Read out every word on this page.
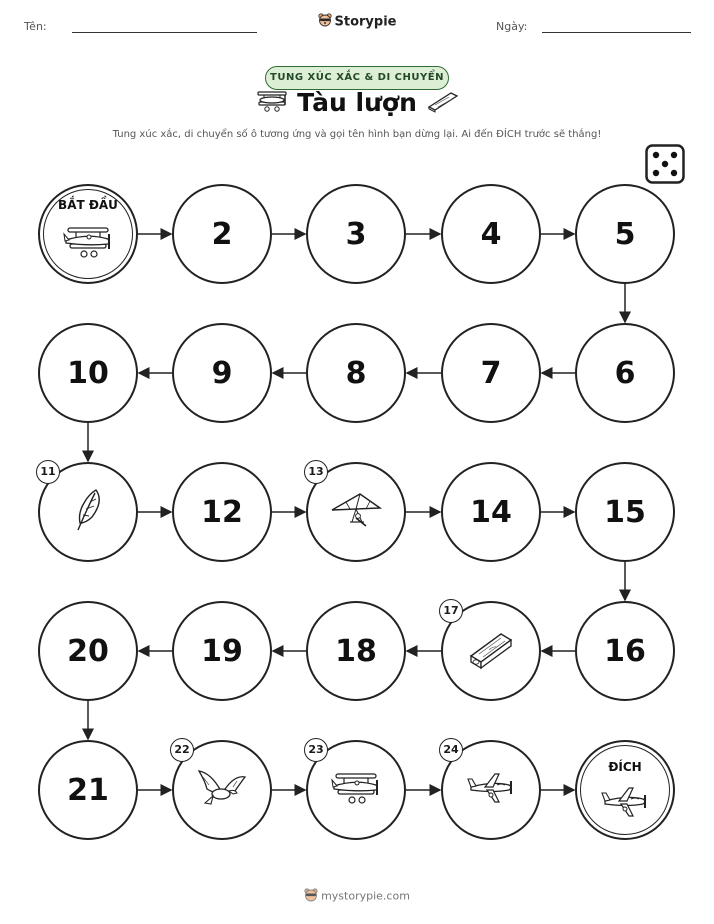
Tên:	Storypie	Ngày:
TUNG XÚC XẮC & DI CHUYỂN
Tàu lượn
Tung xúc xắc, di chuyển số ô tương ứng và gọi tên hình bạn dừng lại. Ai đến ĐÍCH trước sẽ thắng!
BẮT ĐẦU
2	3	4	5
6
7
8
9
10
11
12
13
14	15
16
17
18
19
20
21
22	23	24
ĐÍCH
mystorypie.com
